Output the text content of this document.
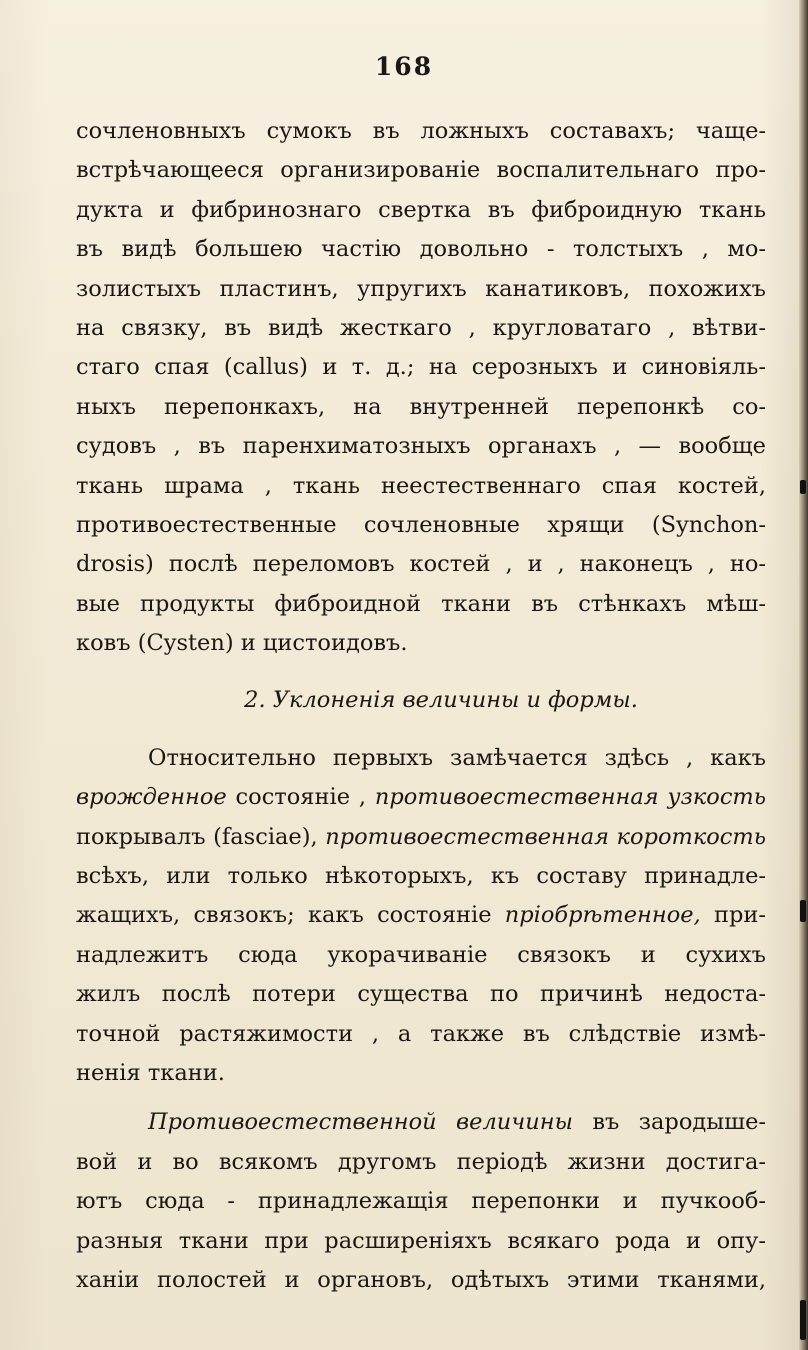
168
сочленовныхъ сумокъ въ ложныхъ составахъ; чаще-
встрѣчающееся организированіе воспалительнаго про-
дукта и фибринознаго свертка въ фиброидную ткань
въ видѣ большею частію довольно - толстыхъ , мо-
золистыхъ пластинъ, упругихъ канатиковъ, похожихъ
на связку, въ видѣ жесткаго , кругловатаго , вѣтви-
стаго спая (callus) и т. д.; на серозныхъ и синовіяль-
ныхъ перепонкахъ, на внутренней перепонкѣ со-
судовъ , въ паренхиматозныхъ органахъ , — вообще
ткань шрама , ткань неестественнаго спая костей,
противоестественные сочленовные хрящи (Synchon-
drosis) послѣ переломовъ костей , и , наконецъ , но-
вые продукты фиброидной ткани въ стѣнкахъ мѣш-
ковъ (Cysten) и цистоидовъ.
2. Уклоненія величины и формы.
Относительно первыхъ замѣчается здѣсь , какъ
врожденное состояніе , противоестественная узкость
покрывалъ (fasciae), противоестественная короткость
всѣхъ, или только нѣкоторыхъ, къ составу принадле-
жащихъ, связокъ; какъ состояніе пріобрѣтенное, при-
надлежитъ сюда укорачиваніе связокъ и сухихъ
жилъ послѣ потери существа по причинѣ недоста-
точной растяжимости , а также въ слѣдствіе измѣ-
ненія ткани.
Противоестественной величины въ зародыше-
вой и во всякомъ другомъ періодѣ жизни достига-
ютъ сюда - принадлежащія перепонки и пучкооб-
разныя ткани при расширеніяхъ всякаго рода и опу-
ханіи полостей и органовъ, одѣтыхъ этими тканями,
